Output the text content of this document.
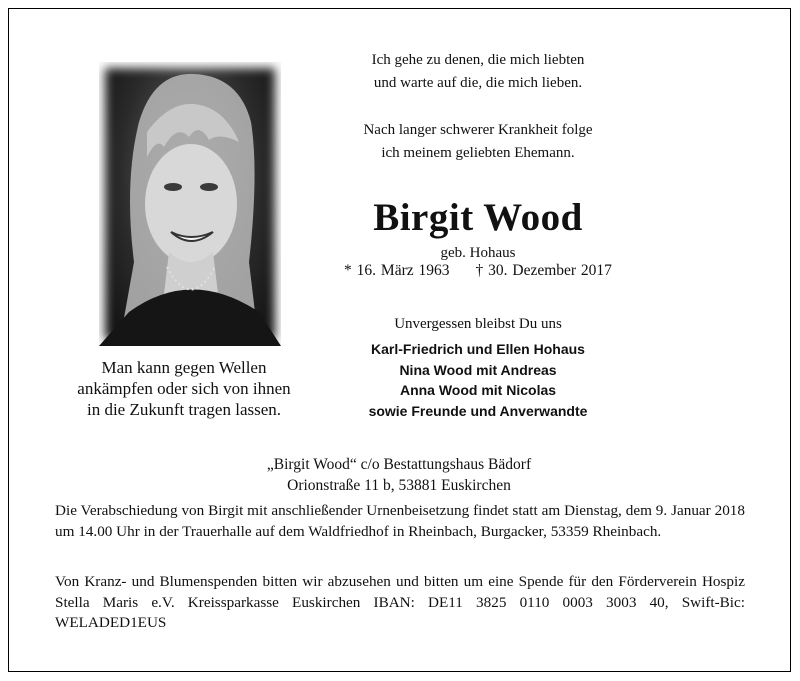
Ich gehe zu denen, die mich liebten
und warte auf die, die mich lieben.
Nach langer schwerer Krankheit folge
ich meinem geliebten Ehemann.
Birgit Wood
geb. Hohaus
* 16. März 1963 † 30. Dezember 2017
Man kann gegen Wellen
ankämpfen oder sich von ihnen
in die Zukunft tragen lassen.
Unvergessen bleibst Du uns
Karl-Friedrich und Ellen Hohaus
Nina Wood mit Andreas
Anna Wood mit Nicolas
sowie Freunde und Anverwandte
„Birgit Wood“ c/o Bestattungshaus Bädorf
Orionstraße 11 b, 53881 Euskirchen
Die Verabschiedung von Birgit mit anschließender Urnenbeisetzung findet statt am Dienstag, dem 9. Januar 2018 um 14.00 Uhr in der Trauerhalle auf dem Waldfriedhof in Rheinbach, Burgacker, 53359 Rheinbach.
Von Kranz- und Blumenspenden bitten wir abzusehen und bitten um eine Spende für den Förderverein Hospiz Stella Maris e.V. Kreissparkasse Euskirchen IBAN: DE11 3825 0110 0003 3003 40, Swift-Bic: WELADED1EUS
